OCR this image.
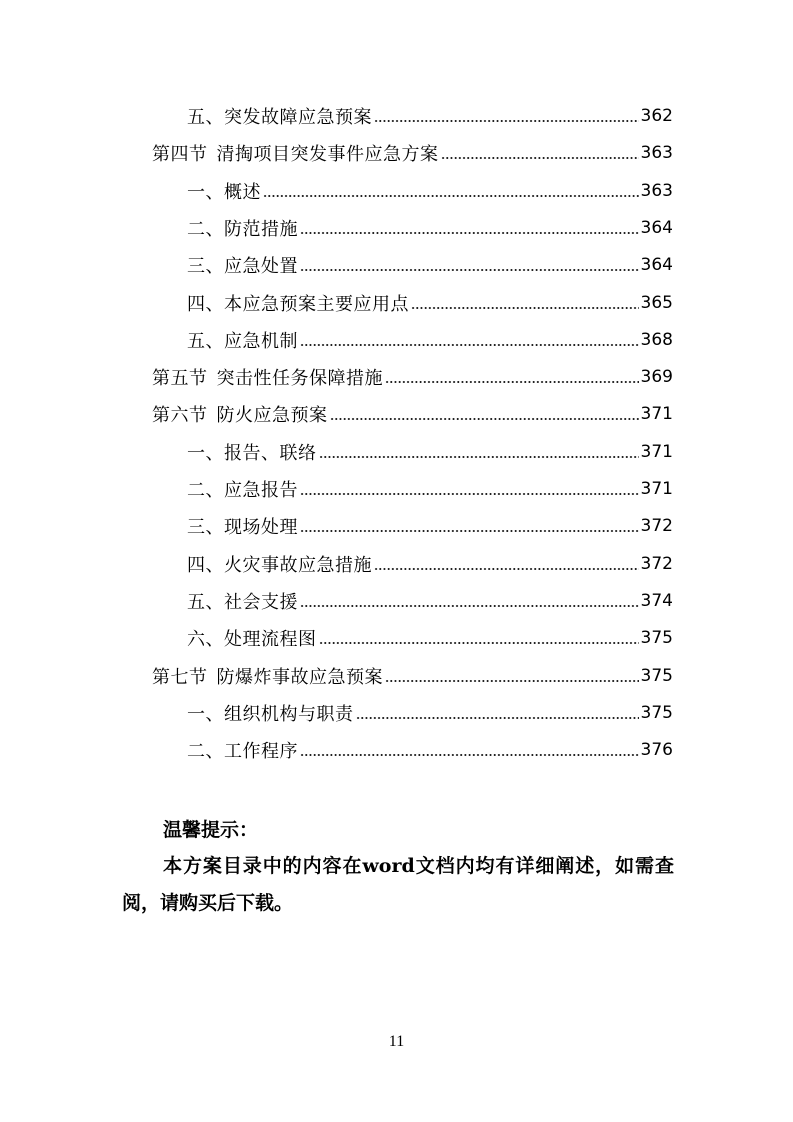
五、突发故障应急预案	362
第四节 清掏项目突发事件应急方案	363
一、概述	363
二、防范措施	364
三、应急处置	364
四、本应急预案主要应用点	365
五、应急机制	368
第五节 突击性任务保障措施	369
第六节 防火应急预案	371
一、报告、联络	371
二、应急报告	371
三、现场处理	372
四、火灾事故应急措施	372
五、社会支援	374
六、处理流程图	375
第七节 防爆炸事故应急预案	375
一、组织机构与职责	375
二、工作程序	376
温馨提示：
本方案目录中的内容在word文档内均有详细阐述，如需查阅，请购买后下载。
11
